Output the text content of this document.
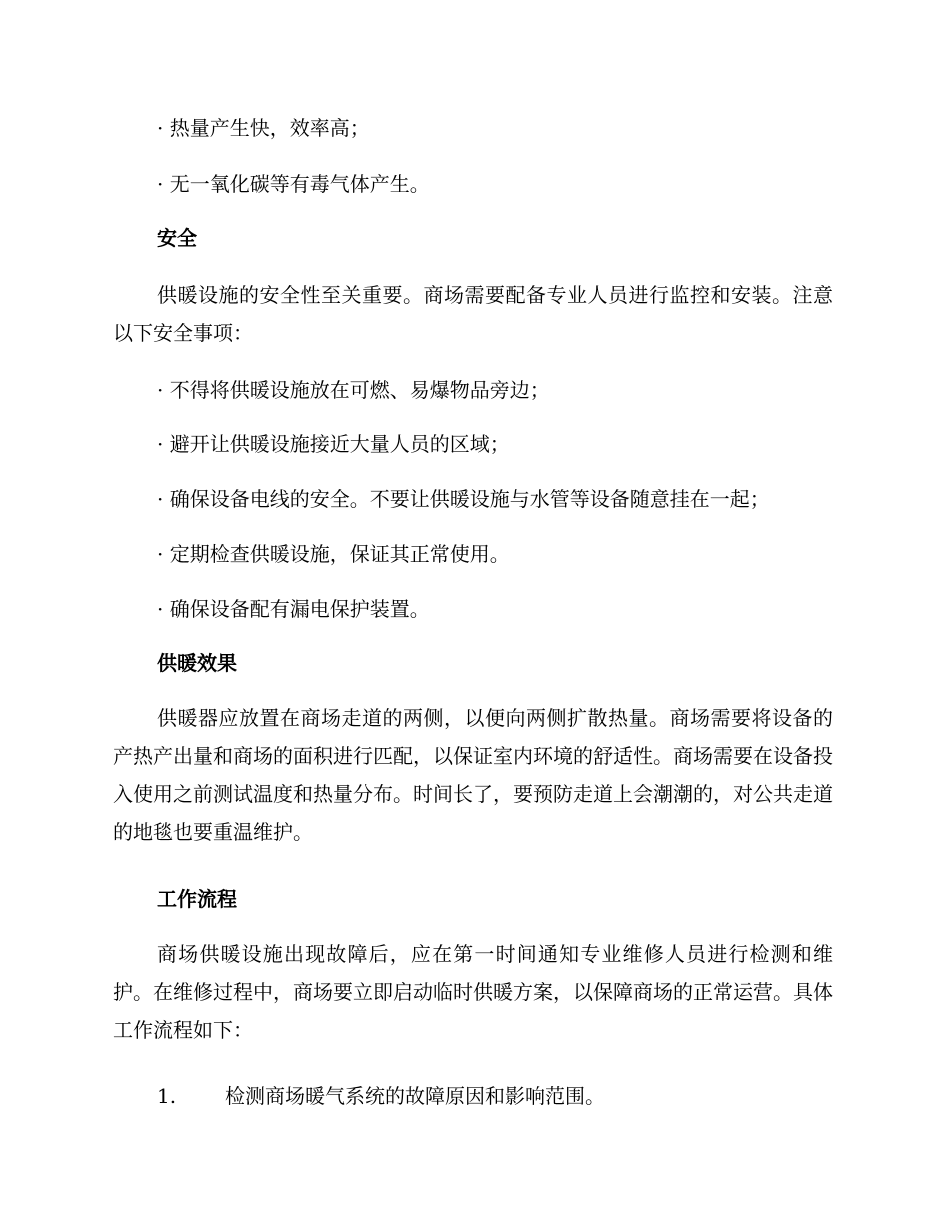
· 热量产生快，效率高；
· 无一氧化碳等有毒气体产生。
安全

供暖设施的安全性至关重要。商场需要配备专业人员进行监控和安装。注意以下安全事项：

· 不得将供暖设施放在可燃、易爆物品旁边；
· 避开让供暖设施接近大量人员的区域；
· 确保设备电线的安全。不要让供暖设施与水管等设备随意挂在一起；
· 定期检查供暖设施，保证其正常使用。
· 确保设备配有漏电保护装置。
供暖效果

供暖器应放置在商场走道的两侧，以便向两侧扩散热量。商场需要将设备的产热产出量和商场的面积进行匹配，以保证室内环境的舒适性。商场需要在设备投入使用之前测试温度和热量分布。时间长了，要预防走道上会潮潮的，对公共走道的地毯也要重温维护。

工作流程

商场供暖设施出现故障后，应在第一时间通知专业维修人员进行检测和维护。在维修过程中，商场要立即启动临时供暖方案，以保障商场的正常运营。具体工作流程如下：

1. 检测商场暖气系统的故障原因和影响范围。
